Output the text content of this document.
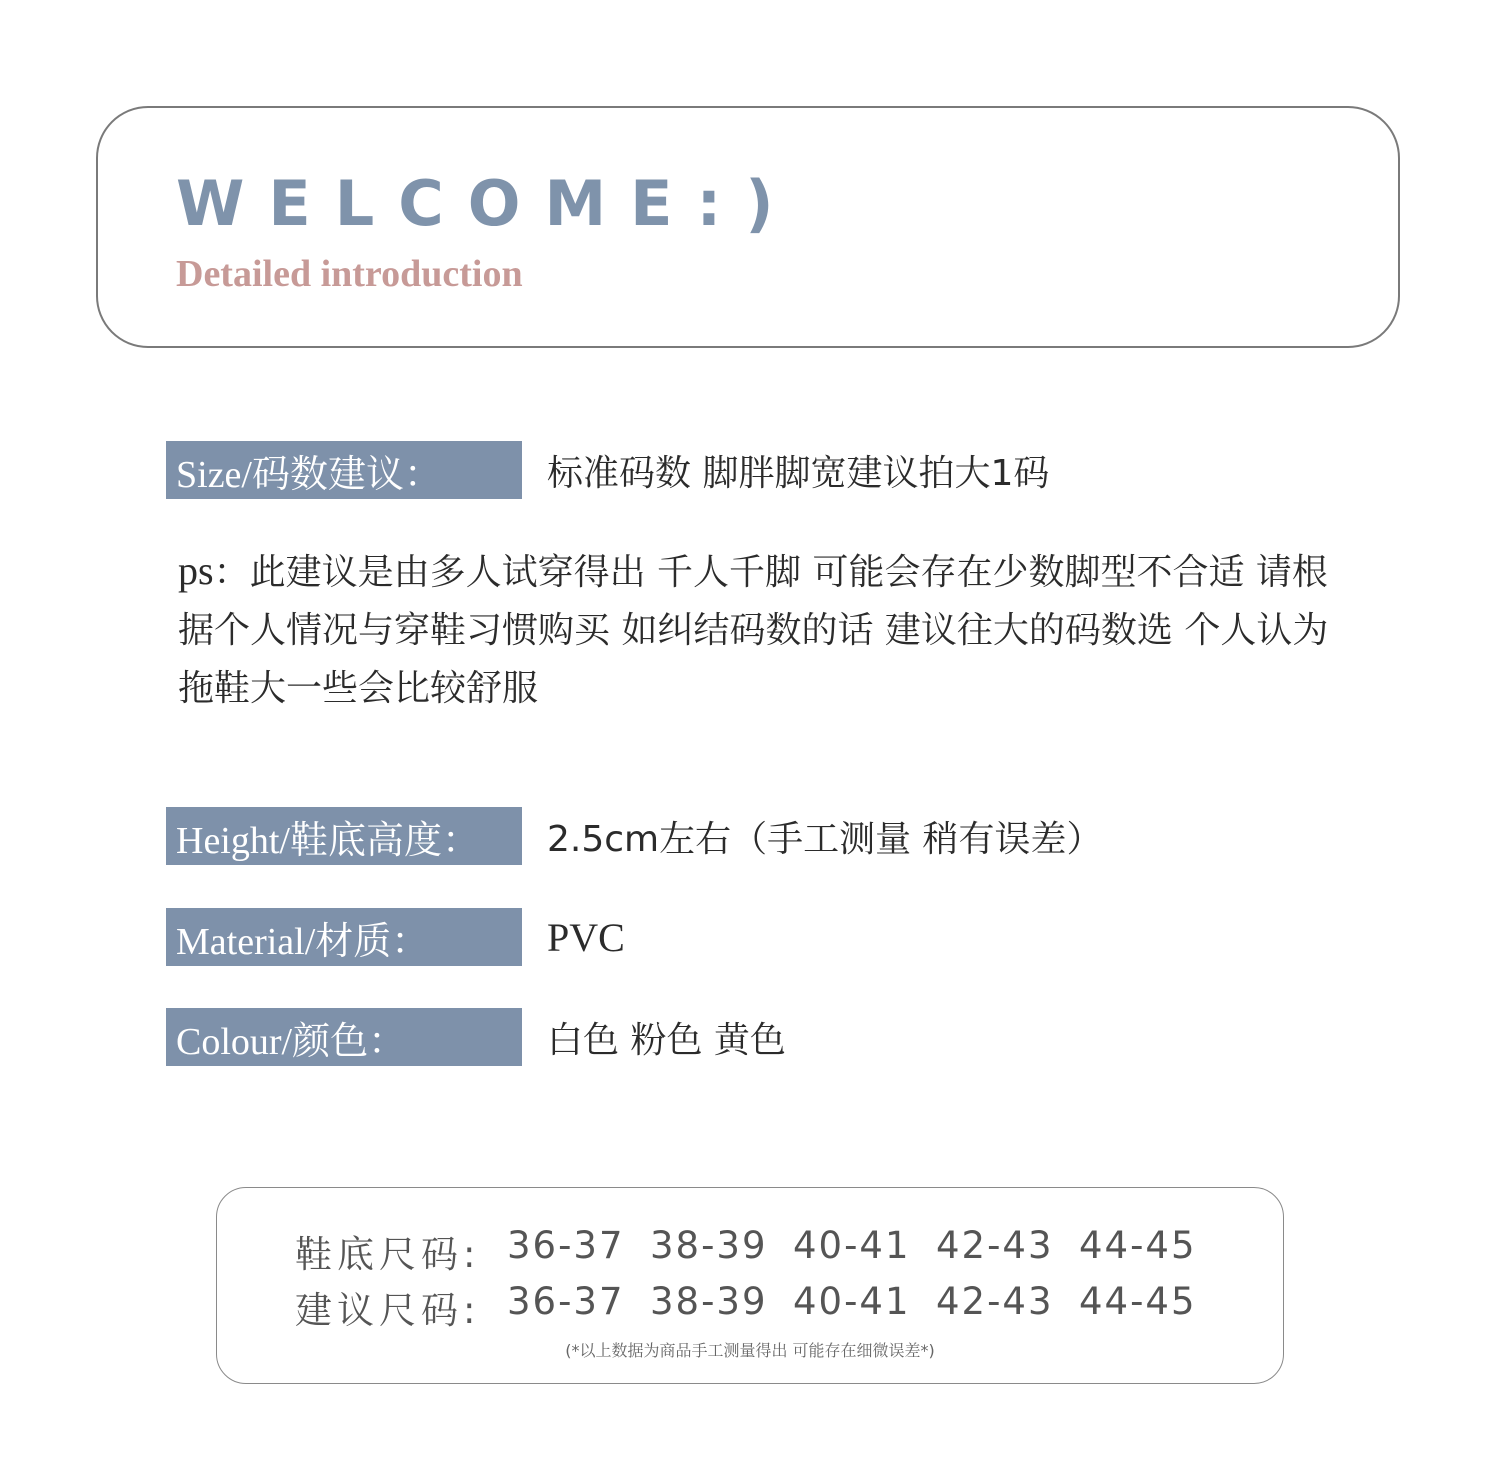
WELCOME:)
Detailed introduction
Size/码数建议：	标准码数 脚胖脚宽建议拍大1码

ps：此建议是由多人试穿得出 千人千脚 可能会存在少数脚型不合适 请根据个人情况与穿鞋习惯购买 如纠结码数的话 建议往大的码数选 个人认为拖鞋大一些会比较舒服

Height/鞋底高度：	2.5cm左右（手工测量 稍有误差）
Material/材质：	PVC
Colour/颜色：	白色 粉色 黄色
鞋底尺码: 36-37 38-39 40-41 42-43 44-45
建议尺码: 36-37 38-39 40-41 42-43 44-45
(*以上数据为商品手工测量得出 可能存在细微误差*)
